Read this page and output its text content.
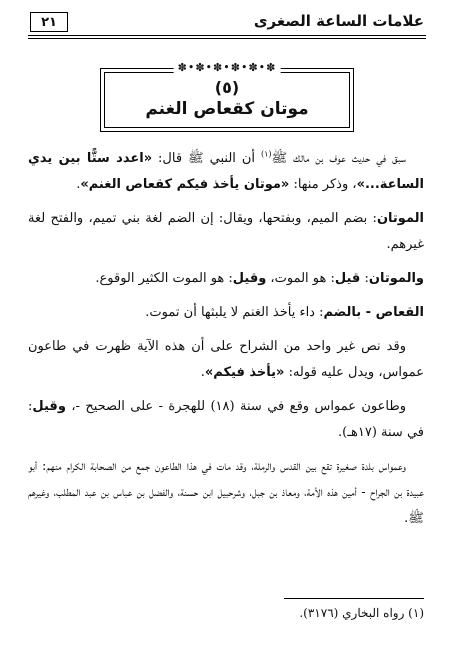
علامات الساعة الصغرى
٢١
✽•✽•✽•✽•✽•✽
(٥)
موتان كقعاص الغنم

سبق في حديث عوف بن مالك ﷺ$^{(١)}$ أن النبي ﷺ قال: «اعدد ستًّا بين يدي الساعة...»، وذكر منها: «موتان يأخذ فيكم كقعاص الغنم».

الموتان: بضم الميم، وبفتحها، ويقال: إن الضم لغة بني تميم، والفتح لغة غيرهم.

والموتان: قيل: هو الموت، وقيل: هو الموت الكثير الوقوع.

القعاص - بالضم: داء يأخذ الغنم لا يلبثها أن تموت.

وقد نص غير واحد من الشراح على أن هذه الآية ظهرت في طاعون عمواس، ويدل عليه قوله: «يأخذ فيكم».

وطاعون عمواس وقع في سنة (١٨) للهجرة - على الصحيح -، وقيل: في سنة (١٧هـ).

وعمواس بلدة صغيرة تقع بين القدس والرملة، وقد مات في هذا الطاعون جمع من الصحابة الكرام منهم: أبو عبيدة بن الجراح - أمين هذه الأمة، ومعاذ بن جبل، وشرحبيل ابن حسنة، والفضل بن عباس بن عبد المطلب، وغيرهم ﷺ.

(١) رواه البخاري (٣١٧٦).
